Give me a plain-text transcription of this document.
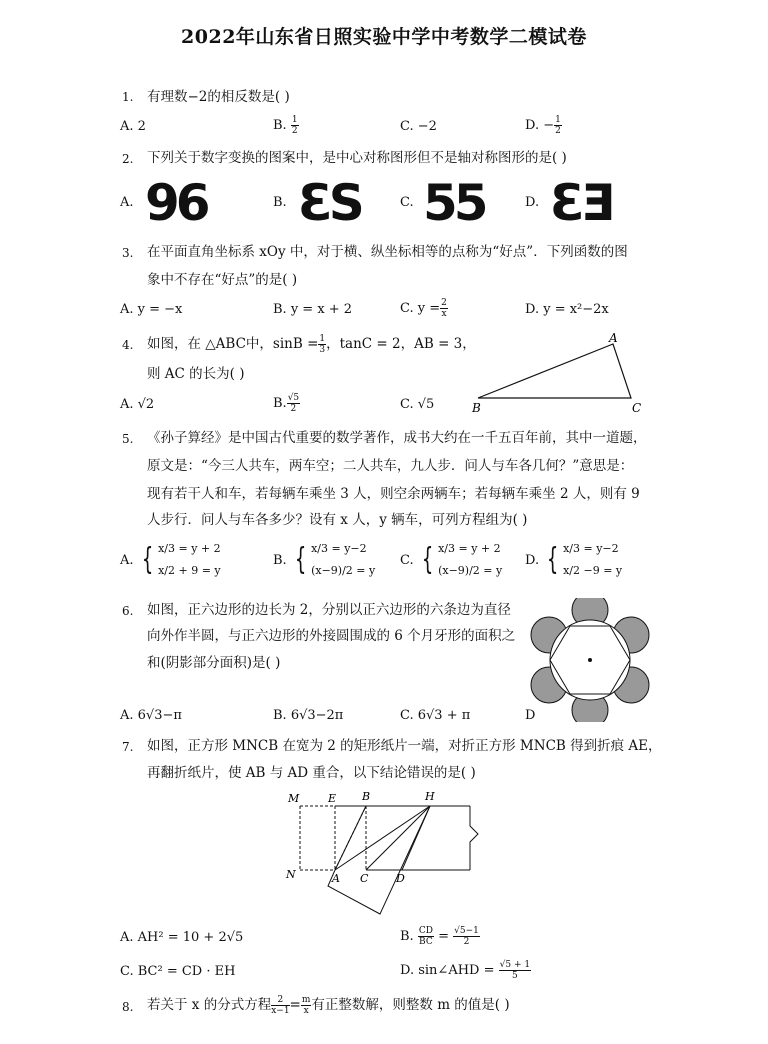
2022年山东省日照实验中学中考数学二模试卷
1. 有理数−2的相反数是( )
A. 2	B. $\frac{1}{2}$	C. −2	D. − $\frac{1}{2}$
2. 下列关于数字变换的图案中，是中心对称图形但不是轴对称图形的是( )
A. 96	B. ƐS	C. 55	D. ƐƎ
3. 在平面直角坐标系 xOy 中，对于横、纵坐标相等的点称为“好点”．下列函数的图
象中不存在“好点”的是( )
A. y = −x	B. y = x + 2	C. $y = \frac{2}{x}$	D. y = x²−2x
4. 如图，在 △ABC中，$\sin B = \frac{1}{3}$ ，tanC = 2，AB = 3，
则 AC 的长为( )
A. √2	B. $\frac{√5}{2}$	C. √5
A
B	C
5. 《孙子算经》是中国古代重要的数学著作，成书大约在一千五百年前，其中一道题，
原文是：“今三人共车，两车空；二人共车，九人步．问人与车各几何？”意思是：
现有若干人和车，若每辆车乘坐 3 人，则空余两辆车；若每辆车乘坐 2 人，则有 9
人步行．问人与车各多少？设有 x 人，y 辆车，可列方程组为( )
A. { x/3 = y + 2
x/2 + 9 = y
B. { x/3 = y−2
(x−9)/2 = y
C. { x/3 = y + 2
(x−9)/2 = y
D. { x/3 = y−2
x/2 −9 = y
6. 如图，正六边形的边长为 2，分别以正六边形的六条边为直径
向外作半圆，与正六边形的外接圆围成的 6 个月牙形的面积之
和(阴影部分面积)是( )
A. 6√3−π	B. 6√3−2π	C. 6√3 + π	D
7. 如图，正方形 MNCB 在宽为 2 的矩形纸片一端，对折正方形 MNCB 得到折痕 AE，
再翻折纸片，使 AB 与 AD 重合，以下结论错误的是( )
M	E B	H
N	A C	D
A. AH² = 10 + 2√5	B. $\frac{CD}{BC} = \frac{√5-1}{2}$
C. BC² = CD · EH	D. sin∠AHD = $\frac{√5 + 1}{5}$
8. 若关于 x 的分式方程 $\frac{2}{x-1} = \frac{m}{x}$ 有正整数解，则整数 m 的值是( )
